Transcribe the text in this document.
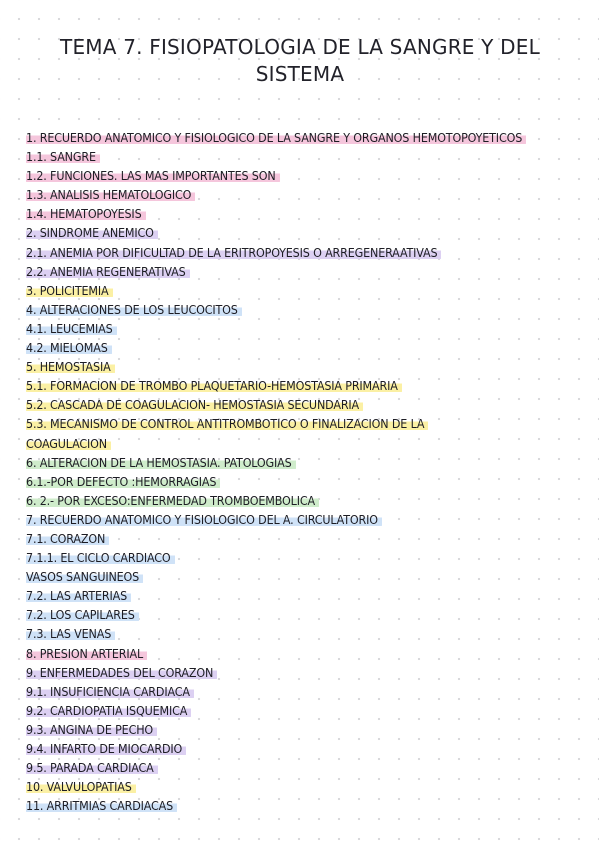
TEMA 7. FISIOPATOLOGIA DE LA SANGRE Y DEL
SISTEMA
1. RECUERDO ANATOMICO Y FISIOLOGICO DE LA SANGRE Y ORGANOS HEMOTOPOYETICOS
1.1. SANGRE
1.2. FUNCIONES. LAS MAS IMPORTANTES SON
1.3. ANALISIS HEMATOLOGICO
1.4. HEMATOPOYESIS
2. SINDROME ANEMICO
2.1. ANEMIA POR DIFICULTAD DE LA ERITROPOYESIS O ARREGENERAATIVAS
2.2. ANEMIA REGENERATIVAS
3. POLICITEMIA
4. ALTERACIONES DE LOS LEUCOCITOS
4.1. LEUCEMIAS
4.2. MIELOMAS
5. HEMOSTASIA
5.1. FORMACION DE TROMBO PLAQUETARIO-HEMOSTASIA PRIMARIA
5.2. CASCADA DE COAGULACION- HEMOSTASIA SECUNDARIA
5.3. MECANISMO DE CONTROL ANTITROMBOTICO O FINALIZACION DE LA
COAGULACION
6. ALTERACION DE LA HEMOSTASIA. PATOLOGIAS
6.1.-POR DEFECTO :HEMORRAGIAS
6. 2.- POR EXCESO:ENFERMEDAD TROMBOEMBOLICA
7. RECUERDO ANATOMICO Y FISIOLOGICO DEL A. CIRCULATORIO
7.1. CORAZON
7.1.1. EL CICLO CARDIACO
VASOS SANGUINEOS
7.2. LAS ARTERIAS
7.2. LOS CAPILARES
7.3. LAS VENAS
8. PRESION ARTERIAL
9. ENFERMEDADES DEL CORAZON
9.1. INSUFICIENCIA CARDIACA
9.2. CARDIOPATIA ISQUEMICA
9.3. ANGINA DE PECHO
9.4. INFARTO DE MIOCARDIO
9.5. PARADA CARDIACA
10. VALVULOPATIAS
11. ARRITMIAS CARDIACAS
